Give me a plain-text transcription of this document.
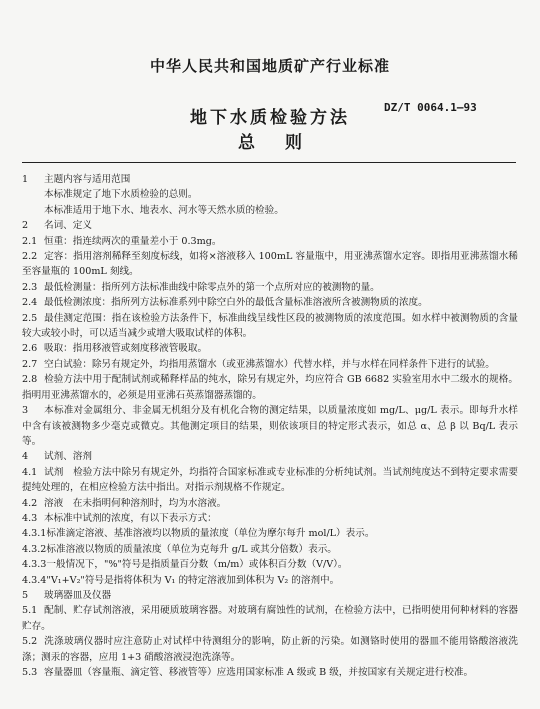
中华人民共和国地质矿产行业标准
地下水质检验方法
总则
DZ/T 0064.1—93
1 主题内容与适用范围
本标准规定了地下水质检验的总则。
本标准适用于地下水、地表水、河水等天然水质的检验。
2 名词、定义
2.1 恒重：指连续两次的重量差小于 0.3mg。
2.2 定容：指用溶剂稀释至刻度标线，如将×溶液移入 100mL 容量瓶中，用亚沸蒸馏水定容。即指用亚沸蒸馏水稀至容量瓶的 100mL 刻线。
2.3 最低检测量：指所列方法标准曲线中除零点外的第一个点所对应的被测物的量。
2.4 最低检测浓度：指所列方法标准系列中除空白外的最低含量标准溶液所含被测物质的浓度。
2.5 最佳测定范围：指在该检验方法条件下，标准曲线呈线性区段的被测物质的浓度范围。如水样中被测物质的含量较大或较小时，可以适当减少或增大吸取试样的体积。
2.6 吸取：指用移液管或刻度移液管吸取。
2.7 空白试验：除另有规定外，均指用蒸馏水（或亚沸蒸馏水）代替水样，并与水样在同样条件下进行的试验。
2.8 检验方法中用于配制试剂或稀释样品的纯水，除另有规定外，均应符合 GB 6682 实验室用水中二级水的规格。指明用亚沸蒸馏水的，必须是用亚沸石英蒸馏器蒸馏的。
3 本标准对金属组分、非金属无机组分及有机化合物的测定结果，以质量浓度如 mg/L、μg/L 表示。即每升水样中含有该被测物多少毫克或微克。其他测定项目的结果，则依该项目的特定形式表示，如总 α、总 β 以 Bq/L 表示等。
4 试剂、溶剂
4.1 试剂　检验方法中除另有规定外，均指符合国家标准或专业标准的分析纯试剂。当试剂纯度达不到特定要求需要提纯处理的，在相应检验方法中指出。对指示剂规格不作规定。
4.2 溶液　在未指明何种溶剂时，均为水溶液。
4.3 本标准中试剂的浓度，有以下表示方式：
4.3.1标准滴定溶液、基准溶液均以物质的量浓度（单位为摩尔每升 mol/L）表示。
4.3.2标准溶液以物质的质量浓度（单位为克每升 g/L 或其分倍数）表示。
4.3.3一般情况下，"%"符号是指质量百分数（m/m）或体积百分数（V/V）。
4.3.4"V₁+V₂"符号是指将体积为 V₁ 的特定溶液加到体积为 V₂ 的溶剂中。
5 玻璃器皿及仪器
5.1 配制、贮存试剂溶液，采用硬质玻璃容器。对玻璃有腐蚀性的试剂，在检验方法中，已指明使用何种材料的容器贮存。
5.2 洗涤玻璃仪器时应注意防止对试样中待测组分的影响，防止新的污染。如测铬时使用的器皿不能用铬酸溶液洗涤；测汞的容器，应用 1+3 硝酸溶液浸泡洗涤等。
5.3 容量器皿（容量瓶、滴定管、移液管等）应选用国家标准 A 级或 B 级，并按国家有关规定进行校准。
